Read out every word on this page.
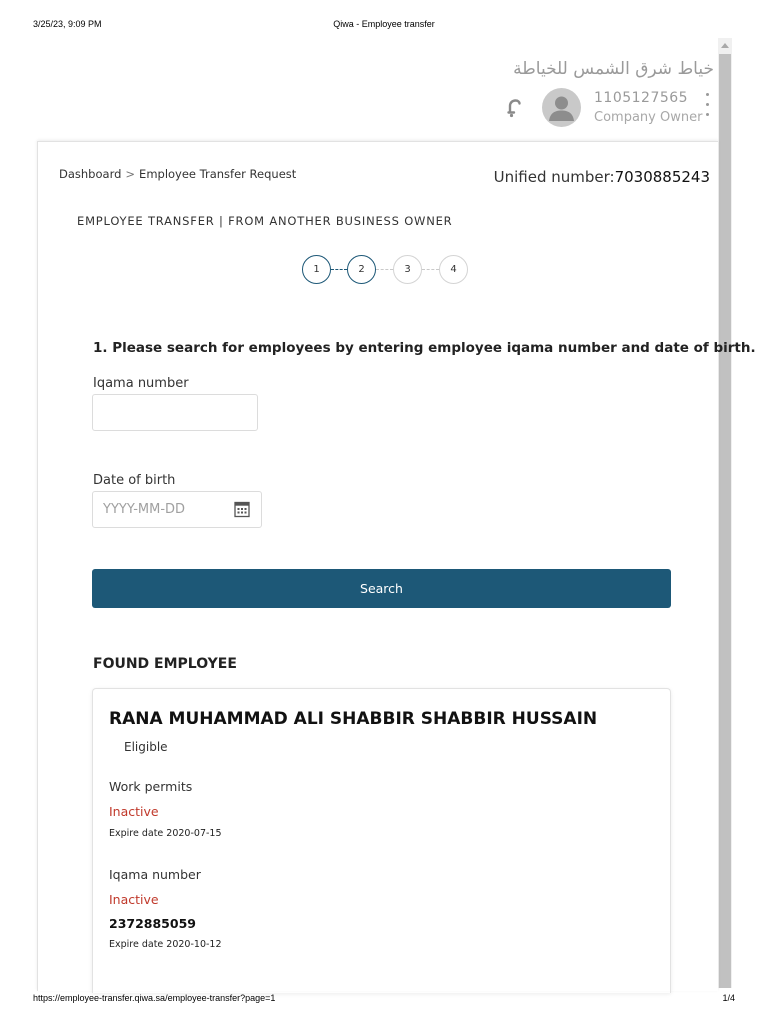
3/25/23, 9:09 PM	Qiwa - Employee transfer
خياط شرق الشمس للخياطة
1105127565
Company Owner
Dashboard > Employee Transfer Request	Unified number:7030885243
EMPLOYEE TRANSFER | FROM ANOTHER BUSINESS OWNER
1	2	3	4
1. Please search for employees by entering employee iqama number and date of birth.
Iqama number
Date of birth
YYYY-MM-DD
Search
FOUND EMPLOYEE
RANA MUHAMMAD ALI SHABBIR SHABBIR HUSSAIN
Eligible
Work permits
Inactive
Expire date 2020-07-15
Iqama number
Inactive
2372885059
Expire date 2020-10-12
https://employee-transfer.qiwa.sa/employee-transfer?page=1	1/4
